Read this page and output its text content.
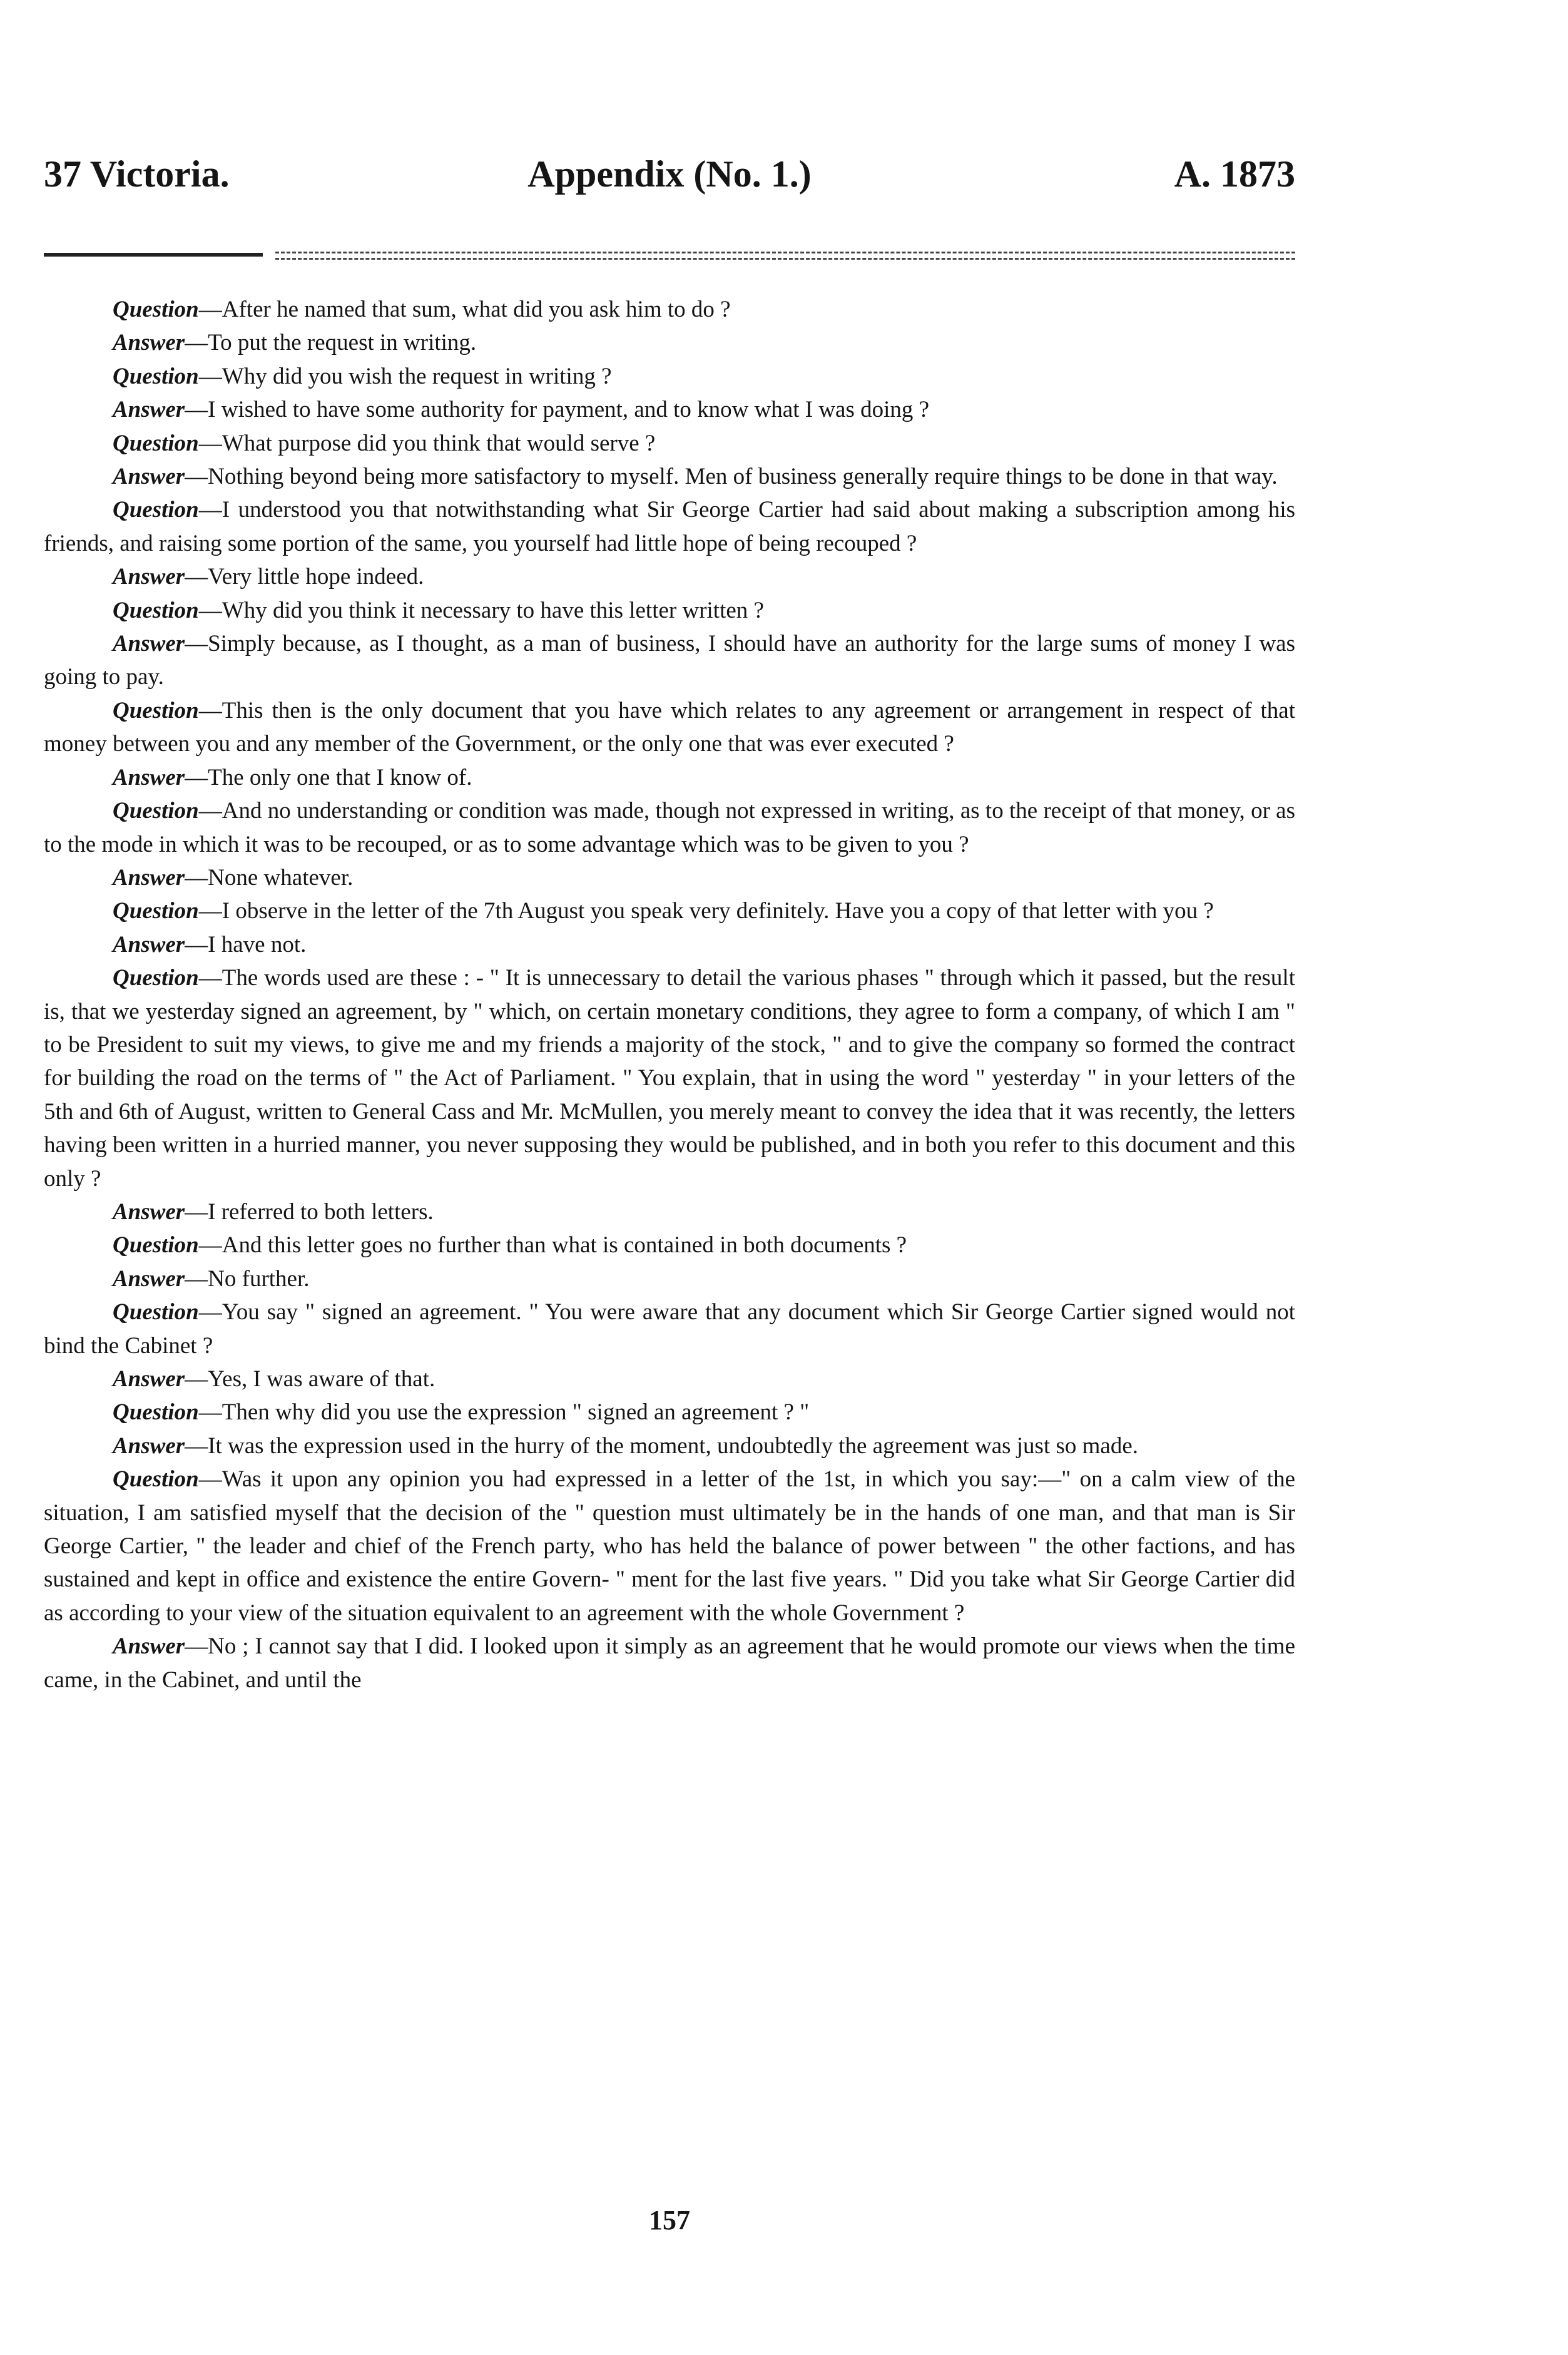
37 Victoria.	Appendix (No. 1.)	A. 1873

Question—After he named that sum, what did you ask him to do ?

Answer—To put the request in writing.

Question—Why did you wish the request in writing ?

Answer—I wished to have some authority for payment, and to know what I was doing ?

Question—What purpose did you think that would serve ?

Answer—Nothing beyond being more satisfactory to myself. Men of business generally require things to be done in that way.

Question—I understood you that notwithstanding what Sir George Cartier had said about making a subscription among his friends, and raising some portion of the same, you yourself had little hope of being recouped ?

Answer—Very little hope indeed.

Question—Why did you think it necessary to have this letter written ?

Answer—Simply because, as I thought, as a man of business, I should have an authority for the large sums of money I was going to pay.

Question—This then is the only document that you have which relates to any agreement or arrangement in respect of that money between you and any member of the Government, or the only one that was ever executed ?

Answer—The only one that I know of.

Question—And no understanding or condition was made, though not expressed in writing, as to the receipt of that money, or as to the mode in which it was to be recouped, or as to some advantage which was to be given to you ?

Answer—None whatever.

Question—I observe in the letter of the 7th August you speak very definitely. Have you a copy of that letter with you ?

Answer—I have not.

Question—The words used are these : - " It is unnecessary to detail the various phases " through which it passed, but the result is, that we yesterday signed an agreement, by " which, on certain monetary conditions, they agree to form a company, of which I am " to be President to suit my views, to give me and my friends a majority of the stock, " and to give the company so formed the contract for building the road on the terms of " the Act of Parliament. " You explain, that in using the word " yesterday " in your letters of the 5th and 6th of August, written to General Cass and Mr. McMullen, you merely meant to convey the idea that it was recently, the letters having been written in a hurried manner, you never supposing they would be published, and in both you refer to this document and this only ?

Answer—I referred to both letters.

Question—And this letter goes no further than what is contained in both documents ?

Answer—No further.

Question—You say " signed an agreement. " You were aware that any document which Sir George Cartier signed would not bind the Cabinet ?

Answer—Yes, I was aware of that.

Question—Then why did you use the expression " signed an agreement ? "

Answer—It was the expression used in the hurry of the moment, undoubtedly the agreement was just so made.

Question—Was it upon any opinion you had expressed in a letter of the 1st, in which you say:—" on a calm view of the situation, I am satisfied myself that the decision of the " question must ultimately be in the hands of one man, and that man is Sir George Cartier, " the leader and chief of the French party, who has held the balance of power between " the other factions, and has sustained and kept in office and existence the entire Govern- " ment for the last five years. " Did you take what Sir George Cartier did as according to your view of the situation equivalent to an agreement with the whole Government ?

Answer—No ; I cannot say that I did. I looked upon it simply as an agreement that he would promote our views when the time came, in the Cabinet, and until the

157
